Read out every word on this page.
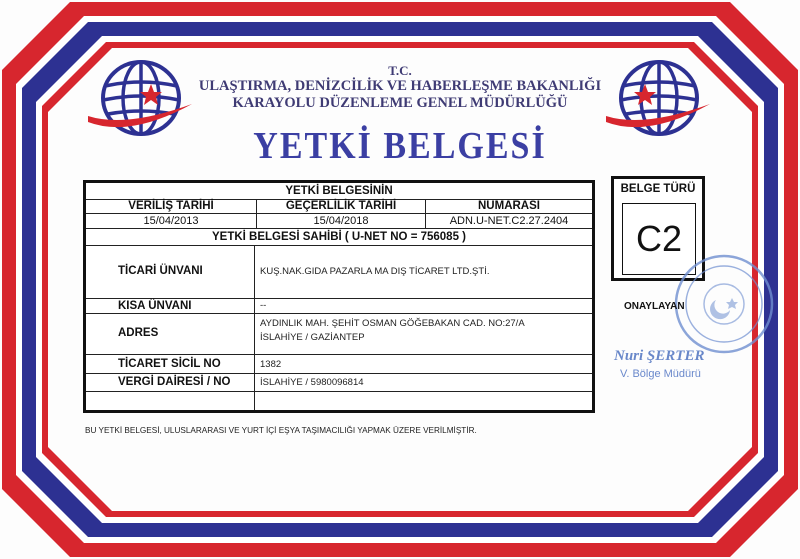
T.C.
ULAŞTIRMA, DENİZCİLİK VE HABERLEŞME BAKANLIĞI
KARAYOLU DÜZENLEME GENEL MÜDÜRLÜĞÜ
YETKİ BELGESİ
YETKİ BELGESİNİN
VERİLİŞ TARİHİ	GEÇERLİLİK TARİHİ	NUMARASI
15/04/2013	15/04/2018	ADN.U-NET.C2.27.2404
YETKİ BELGESİ SAHİBİ ( U-NET NO = 756085 )
TİCARİ ÜNVANI	KUŞ.NAK.GIDA PAZARLA MA DIŞ TİCARET LTD.ŞTİ.
KISA ÜNVANI	--
ADRES
AYDINLIK MAH. ŞEHİT OSMAN GÖĞEBAKAN CAD. NO:27/A
İSLAHİYE / GAZİANTEP
TİCARET SİCİL NO	1382
VERGİ DAİRESİ / NO	İSLAHİYE / 5980096814
BELGE TÜRÜ
C2
ONAYLAYAN
Nuri ŞERTER
V. Bölge Müdürü
BU YETKİ BELGESİ, ULUSLARARASI VE YURT İÇİ EŞYA TAŞIMACILIĞI YAPMAK ÜZERE VERİLMİŞTİR.
